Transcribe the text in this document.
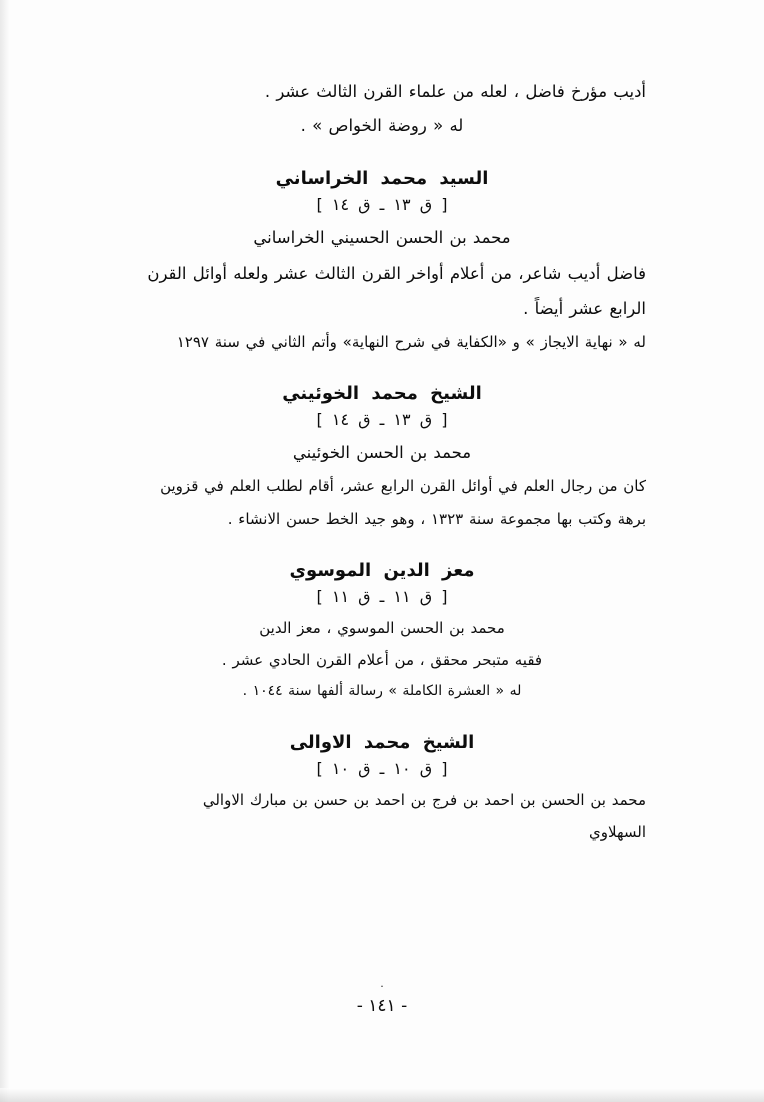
أديب مؤرخ فاضل ، لعله من علماء القرن الثالث عشر .

له « روضة الخواص » .

السيد محمد الخراساني

[ ق ١٣ ـ ق ١٤ ]

محمد بن الحسن الحسيني الخراساني

فاضل أديب شاعر، من أعلام أواخر القرن الثالث عشر ولعله أوائل القرن

الرابع عشر أيضاً .

له « نهاية الايجاز » و «الكفاية في شرح النهاية» وأتم الثاني في سنة ١٢٩٧

الشيخ محمد الخوئيني

[ ق ١٣ ـ ق ١٤ ]

محمد بن الحسن الخوئيني

كان من رجال العلم في أوائل القرن الرابع عشر، أقام لطلب العلم في قزوين

برهة وكتب بها مجموعة سنة ١٣٢٣ ، وهو جيد الخط حسن الانشاء .

معز الدين الموسوي

[ ق ١١ ـ ق ١١ ]

محمد بن الحسن الموسوي ، معز الدين

فقيه متبحر محقق ، من أعلام القرن الحادي عشر .

له « العشرة الكاملة » رسالة ألفها سنة ١٠٤٤ .

الشيخ محمد الاوالى

[ ق ١٠ ـ ق ١٠ ]

محمد بن الحسن بن احمد بن فرج بن احمد بن حسن بن مبارك الاوالي

السهلاوي

.
- ١٤١ -
